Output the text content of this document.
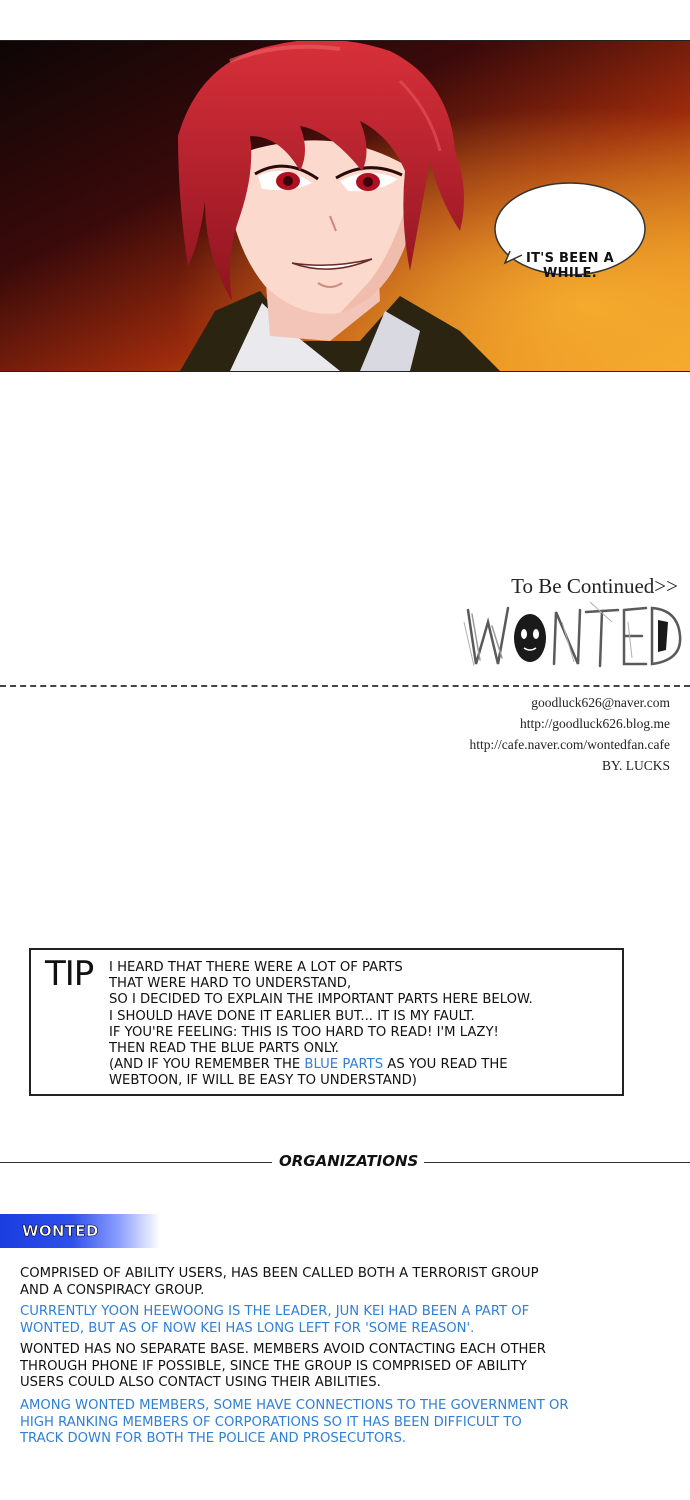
IT'S BEEN A
WHILE.
To Be Continued>>
goodluck626@naver.com
http://goodluck626.blog.me
http://cafe.naver.com/wontedfan.cafe
BY. LUCKS
TIP I HEARD THAT THERE WERE A LOT OF PARTS
THAT WERE HARD TO UNDERSTAND,
SO I DECIDED TO EXPLAIN THE IMPORTANT PARTS HERE BELOW.
I SHOULD HAVE DONE IT EARLIER BUT... IT IS MY FAULT.
IF YOU'RE FEELING: THIS IS TOO HARD TO READ! I'M LAZY!
THEN READ THE BLUE PARTS ONLY.
(AND IF YOU REMEMBER THE BLUE PARTS AS YOU READ THE
WEBTOON, IF WILL BE EASY TO UNDERSTAND)
ORGANIZATIONS
WONTED
COMPRISED OF ABILITY USERS, HAS BEEN CALLED BOTH A TERRORIST GROUP
AND A CONSPIRACY GROUP.
CURRENTLY YOON HEEWOONG IS THE LEADER, JUN KEI HAD BEEN A PART OF
WONTED, BUT AS OF NOW KEI HAS LONG LEFT FOR 'SOME REASON'.
WONTED HAS NO SEPARATE BASE. MEMBERS AVOID CONTACTING EACH OTHER
THROUGH PHONE IF POSSIBLE, SINCE THE GROUP IS COMPRISED OF ABILITY
USERS COULD ALSO CONTACT USING THEIR ABILITIES.
AMONG WONTED MEMBERS, SOME HAVE CONNECTIONS TO THE GOVERNMENT OR
HIGH RANKING MEMBERS OF CORPORATIONS SO IT HAS BEEN DIFFICULT TO
TRACK DOWN FOR BOTH THE POLICE AND PROSECUTORS.
